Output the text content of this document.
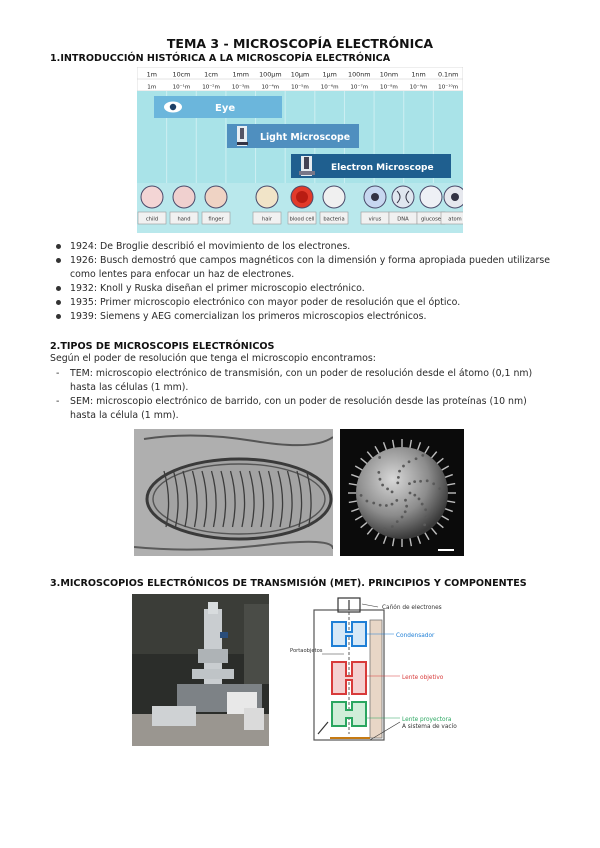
TEMA 3 - MICROSCOPÍA ELECTRÓNICA
1.INTRODUCCIÓN HISTÓRICA A LA MICROSCOPÍA ELECTRÓNICA
1m 10cm 1cm 1mm 100μm 10μm 1μm 100nm 10nm 1nm 0.1nm
1m	10⁻¹m 10⁻²m 10⁻³m 10⁻⁴m 10⁻⁵m 10⁻⁶m 10⁻⁷m 10⁻⁸m 10⁻⁹m 10⁻¹⁰m
Eye
Light Microscope
Electron Microscope
child	hand	finger	hair	blood cell bacteria	virus	DNA glucose atom
1924: De Broglie describió el movimiento de los electrones.
1926: Busch demostró que campos magnéticos con la dimensión y forma apropiada pueden utilizarse como lentes para enfocar un haz de electrones.
1932: Knoll y Ruska diseñan el primer microscopio electrónico.
1935: Primer microscopio electrónico con mayor poder de resolución que el óptico.
1939: Siemens y AEG comercializan los primeros microscopios electrónicos.
2.TIPOS DE MICROSCOPIS ELECTRÓNICOS
Según el poder de resolución que tenga el microscopio encontramos:
- TEM: microscopio electrónico de transmisión, con un poder de resolución desde el átomo (0,1 nm) hasta las células (1 mm).
- SEM: microscopio electrónico de barrido, con un poder de resolución desde las proteínas (10 nm) hasta la célula (1 mm).
3.MICROSCOPIOS ELECTRÓNICOS DE TRANSMISIÓN (MET). PRINCIPIOS Y COMPONENTES
Cañón de electrones
Condensador
Portaobjetos
Lente objetivo
Lente proyectora
A sistema de vacío
